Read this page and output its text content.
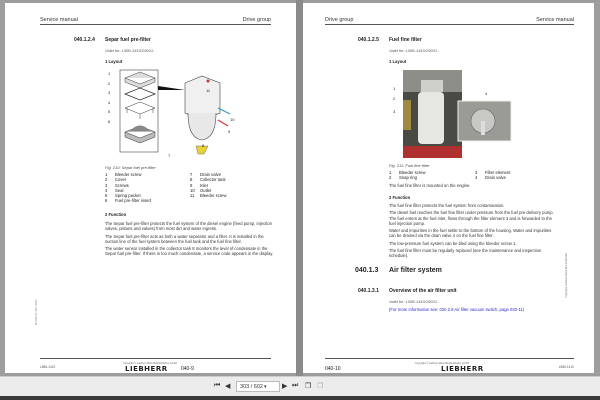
Service manual	Drive group
040.1.2.4 Separ fuel pre-filter
Valid for: L586-1410/29031-
1 Layout
1
2
3
4
5
6
7
8
9
10
11
Fig. 210: Separ fuel pre-filter
1 Bleeder screw
2 Cover
3 Screws
4 Seal
5 Spring packet
6 Fuel pre-filter insert
7 Drain valve
8 Collector tank
9 Inlet
10 Outlet
11 Bleeder screw
2 Function

The Separ fuel pre-filter protects the fuel system of the diesel engine (feed pump, injection valves, pistons and valves) from most dirt and water ingress.

The Separ fuel pre-filter acts as both a water separator and a filter. It is installed in the suction line of the fuel system between the fuel tank and the fuel fine filter.

The water sensor installed in the collector tank 8 monitors the level of condensate in the Separ fuel pre-filter. If there is too much condensate, a service code appears in the display.

MJ-040-37-S10 / DOC
Copyright © Liebherr-Werk Bischofshofen GmbH
LIEBHERR	040-9
L586-1410
Drive group	Service manual
040.1.2.5 Fuel fine filter
Valid for: L586-1410/29031-
1 Layout
1
2
3
4
Fig. 211: Fuel fine filter
1 Bleeder screw
2 Snap ring
3 Filter element
4 Drain valve
The fuel fine filter is mounted on the engine.
2 Function

The fuel fine filter protects the fuel system from contamination.

The diesel fuel reaches the fuel fine filter under pressure from the fuel pre-delivery pump. The fuel enters at the fuel inlet, flows through the filter element 3 and is forwarded to the fuel injection pump.

Water and impurities in the fuel settle to the bottom of the housing. Water and impurities can be drained via the drain valve 4 on the fuel fine filter.

The low-pressure fuel system can be bled using the bleeder screw 1.

The fuel fine filter must be regularly replaced (see the maintenance and inspection schedule).

040.1.3 Air filter system
040.1.3.1 Overview of the air filter unit
Valid for: L586-1410/29031-
(For more information see: 020.2.8 Air filter vacuum switch, page 020-11)
Copyright Liebherr-Werk Bischofshofen
Copyright © Liebherr-Werk Bischofshofen GmbH
LIEBHERR
040-10	L586-1410
⏮ ◀	303 / 602 ▾ ▶ ⏭ ❐ ❐
